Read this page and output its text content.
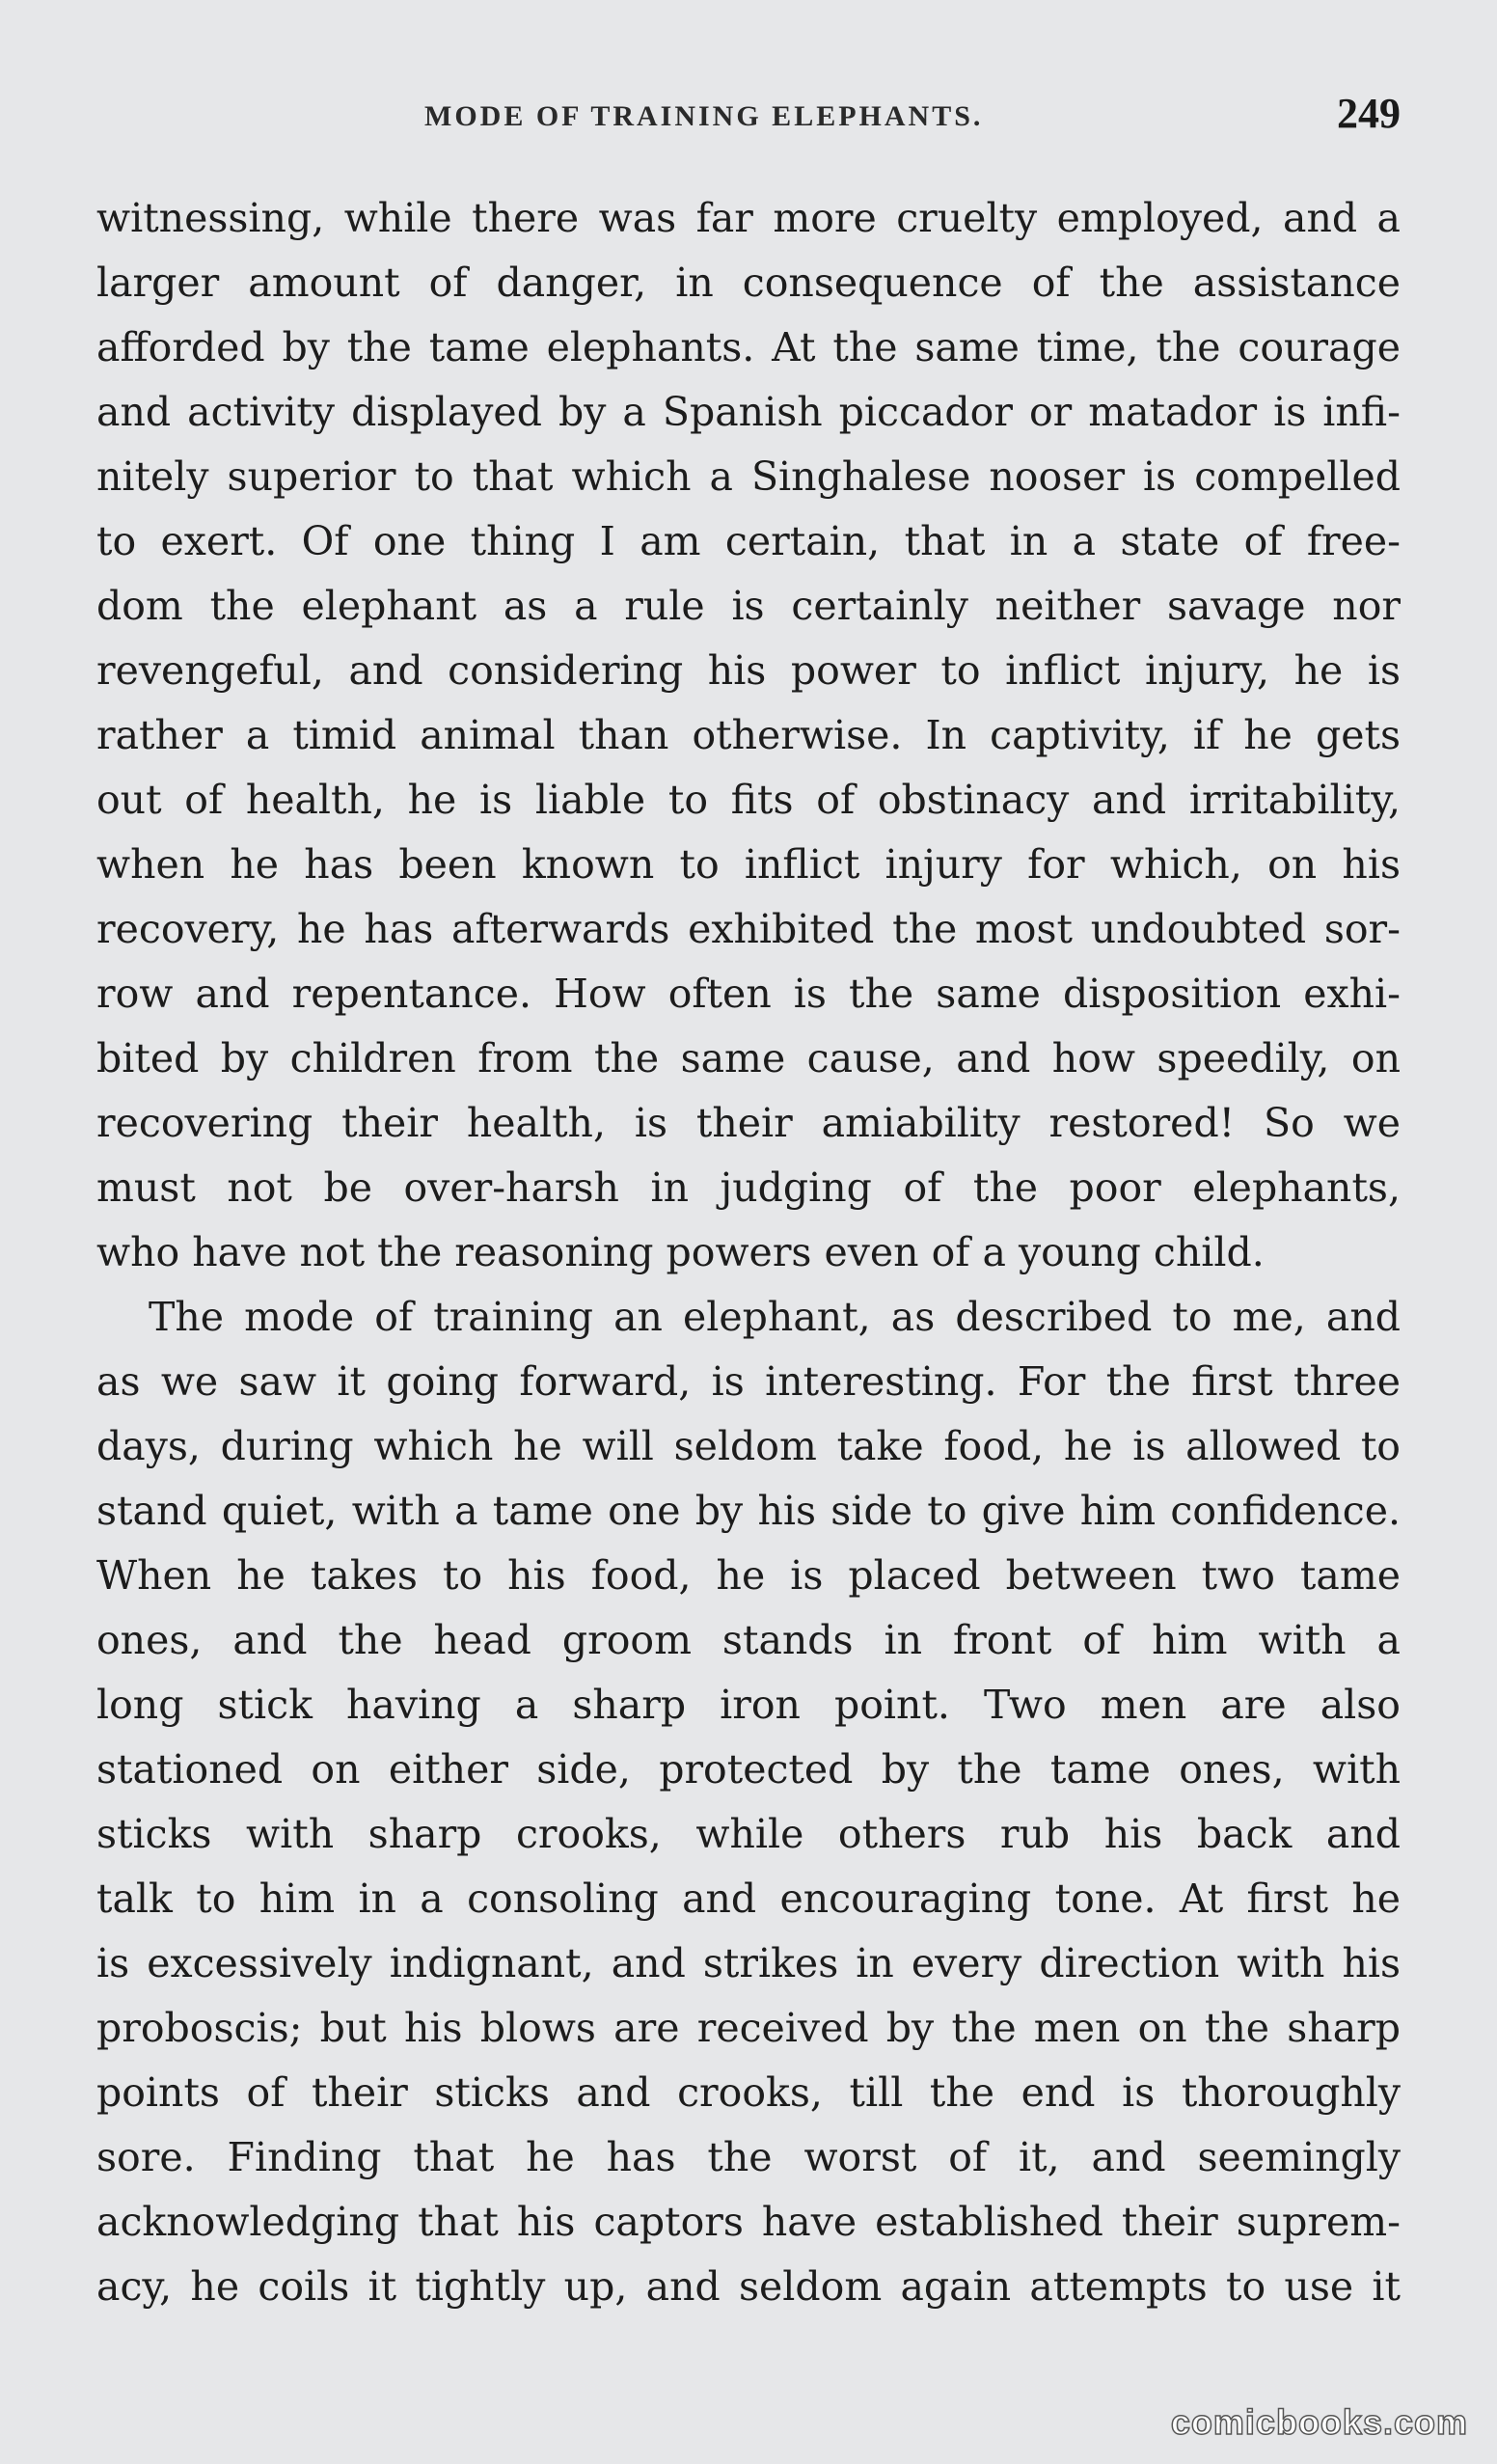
MODE OF TRAINING ELEPHANTS.	249
witnessing, while there was far more cruelty employed, and a
larger amount of danger, in consequence of the assistance
afforded by the tame elephants. At the same time, the courage
and activity displayed by a Spanish piccador or matador is infi-
nitely superior to that which a Singhalese nooser is compelled
to exert. Of one thing I am certain, that in a state of free-
dom the elephant as a rule is certainly neither savage nor
revengeful, and considering his power to inflict injury, he is
rather a timid animal than otherwise. In captivity, if he gets
out of health, he is liable to fits of obstinacy and irritability,
when he has been known to inflict injury for which, on his
recovery, he has afterwards exhibited the most undoubted sor-
row and repentance. How often is the same disposition exhi-
bited by children from the same cause, and how speedily, on
recovering their health, is their amiability restored! So we
must not be over-harsh in judging of the poor elephants,
who have not the reasoning powers even of a young child.
The mode of training an elephant, as described to me, and
as we saw it going forward, is interesting. For the first three
days, during which he will seldom take food, he is allowed to
stand quiet, with a tame one by his side to give him confidence.
When he takes to his food, he is placed between two tame
ones, and the head groom stands in front of him with a
long stick having a sharp iron point. Two men are also
stationed on either side, protected by the tame ones, with
sticks with sharp crooks, while others rub his back and
talk to him in a consoling and encouraging tone. At first he
is excessively indignant, and strikes in every direction with his
proboscis; but his blows are received by the men on the sharp
points of their sticks and crooks, till the end is thoroughly
sore. Finding that he has the worst of it, and seemingly
acknowledging that his captors have established their suprem-
acy, he coils it tightly up, and seldom again attempts to use it
comicbooks.com
